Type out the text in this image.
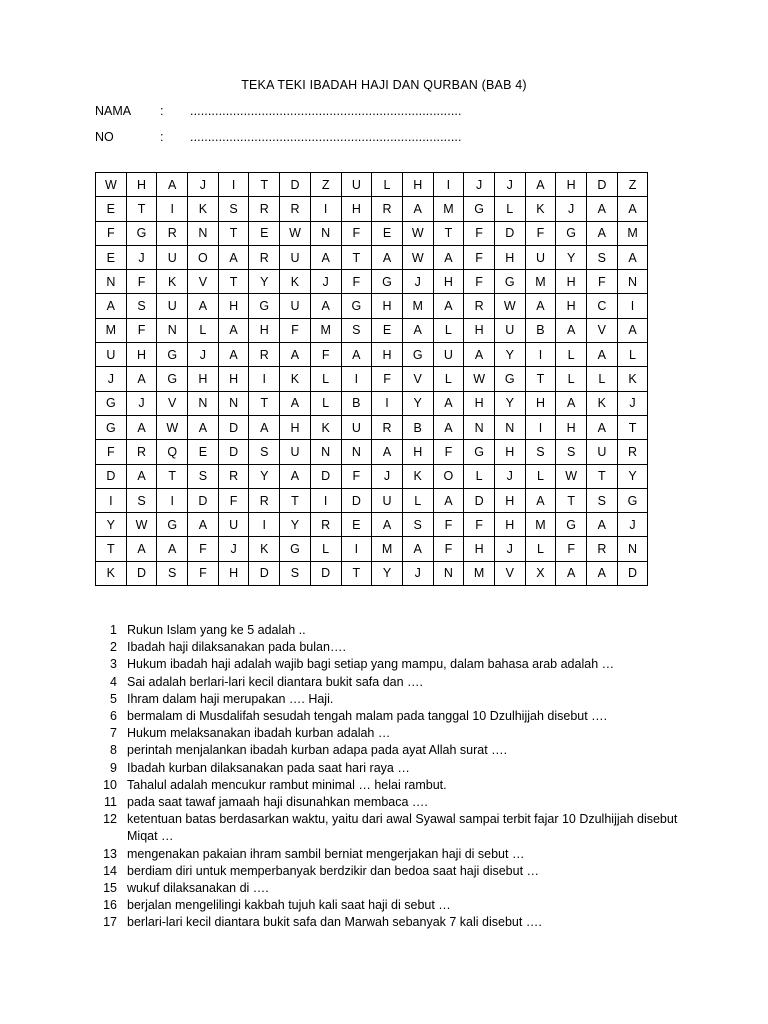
TEKA TEKI IBADAH HAJI DAN QURBAN (BAB 4)
NAMA : ............................................................................
NO	: ............................................................................
W	H	A	J	I	T	D	Z	U	L	H	I	J	J	A	H	D	Z
E	T	I	K	S	R	R	I	H	R	A	M	G	L	K	J	A	A
F	G	R	N	T	E	W	N	F	E	W	T	F	D	F	G	A	M
E	J	U	O	A	R	U	A	T	A	W	A	F	H	U	Y	S	A
N	F	K	V	T	Y	K	J	F	G	J	H	F	G	M	H	F	N
A	S	U	A	H	G	U	A	G	H	M	A	R	W	A	H	C	I
M	F	N	L	A	H	F	M	S	E	A	L	H	U	B	A	V	A
U	H	G	J	A	R	A	F	A	H	G	U	A	Y	I	L	A	L
J	A	G	H	H	I	K	L	I	F	V	L	W	G	T	L	L	K
G	J	V	N	N	T	A	L	B	I	Y	A	H	Y	H	A	K	J
G	A	W	A	D	A	H	K	U	R	B	A	N	N	I	H	A	T
F	R	Q	E	D	S	U	N	N	A	H	F	G	H	S	S	U	R
D	A	T	S	R	Y	A	D	F	J	K	O	L	J	L	W	T	Y
I	S	I	D	F	R	T	I	D	U	L	A	D	H	A	T	S	G
Y	W	G	A	U	I	Y	R	E	A	S	F	F	H	M	G	A	J
T	A	A	F	J	K	G	L	I	M	A	F	H	J	L	F	R	N
K	D	S	F	H	D	S	D	T	Y	J	N	M	V	X	A	A	D
1 Rukun Islam yang ke 5 adalah ..
2 Ibadah haji dilaksanakan pada bulan….
3 Hukum ibadah haji adalah wajib bagi setiap yang mampu, dalam bahasa arab adalah …
4 Sai adalah berlari-lari kecil diantara bukit safa dan ….
5 Ihram dalam haji merupakan …. Haji.
6 bermalam di Musdalifah sesudah tengah malam pada tanggal 10 Dzulhijjah disebut ….
7 Hukum melaksanakan ibadah kurban adalah …
8 perintah menjalankan ibadah kurban adapa pada ayat Allah surat ….
9 Ibadah kurban dilaksanakan pada saat hari raya …
10 Tahalul adalah mencukur rambut minimal … helai rambut.
11 pada saat tawaf jamaah haji disunahkan membaca ….
12 ketentuan batas berdasarkan waktu, yaitu dari awal Syawal sampai terbit fajar 10 Dzulhijjah disebut Miqat …
13 mengenakan pakaian ihram sambil berniat mengerjakan haji di sebut …
14 berdiam diri untuk memperbanyak berdzikir dan bedoa saat haji disebut …
15 wukuf dilaksanakan di ….
16 berjalan mengelilingi kakbah tujuh kali saat haji di sebut …
17 berlari-lari kecil diantara bukit safa dan Marwah sebanyak 7 kali disebut ….
